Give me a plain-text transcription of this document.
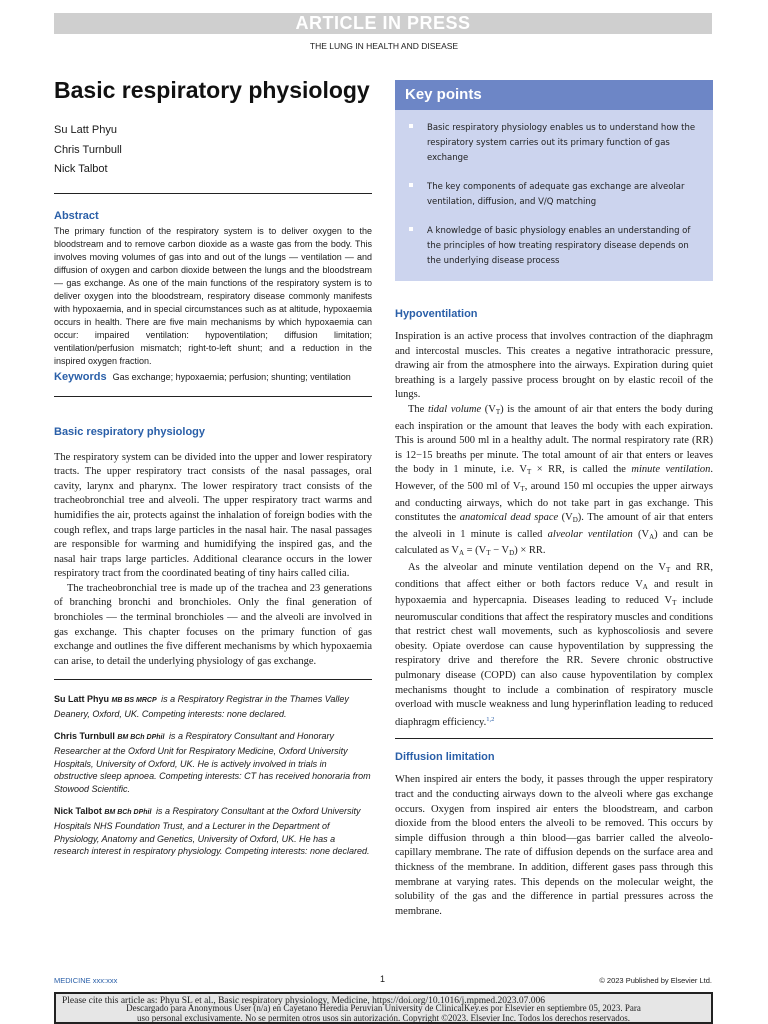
ARTICLE IN PRESS
THE LUNG IN HEALTH AND DISEASE
Basic respiratory physiology
Su Latt Phyu
Chris Turnbull
Nick Talbot
Abstract

The primary function of the respiratory system is to deliver oxygen to the bloodstream and to remove carbon dioxide as a waste gas from the body. This involves moving volumes of gas into and out of the lungs — ventilation — and diffusion of oxygen and carbon dioxide between the lungs and the bloodstream — gas exchange. As one of the main functions of the respiratory system is to deliver oxygen into the bloodstream, respiratory disease commonly manifests with hypoxaemia, and in special circumstances such as at altitude, hypoxaemia occurs in health. There are five main mechanisms by which hypoxaemia can occur: impaired ventilation: hypoventilation; diffusion limitation; ventilation/perfusion mismatch; right-to-left shunt; and a reduction in the inspired oxygen fraction.

Keywords Gas exchange; hypoxaemia; perfusion; shunting; ventilation
Basic respiratory physiology

The respiratory system can be divided into the upper and lower respiratory tracts. The upper respiratory tract consists of the nasal passages, oral cavity, larynx and pharynx. The lower respiratory tract consists of the tracheobronchial tree and alveoli. The upper respiratory tract warms and humidifies the air, protects against the inhalation of foreign bodies with the cough reflex, and traps large particles in the nasal hair. The nasal passages are responsible for warming and humidifying the inspired gas, and the nasal hair traps large particles. Additional clearance occurs in the lower respiratory tract from the coordinated beating of tiny hairs called cilia.

The tracheobronchial tree is made up of the trachea and 23 generations of branching bronchi and bronchioles. Only the final generation of bronchioles — the terminal bronchioles — and the alveoli are involved in gas exchange. This chapter focuses on the primary function of gas exchange and outlines the five different mechanisms by which hypoxaemia can arise, to detail the underlying physiology of gas exchange.

Su Latt Phyu MB BS MRCP is a Respiratory Registrar in the Thames Valley Deanery, Oxford, UK. Competing interests: none declared.

Chris Turnbull BM BCh DPhil is a Respiratory Consultant and Honorary Researcher at the Oxford Unit for Respiratory Medicine, Oxford University Hospitals, University of Oxford, UK. He is actively involved in trials in obstructive sleep apnoea. Competing interests: CT has received honoraria from Stowood Scientific.

Nick Talbot BM BCh DPhil is a Respiratory Consultant at the Oxford University Hospitals NHS Foundation Trust, and a Lecturer in the Department of Physiology, Anatomy and Genetics, University of Oxford, UK. He has a research interest in respiratory physiology. Competing interests: none declared.

Key points
Basic respiratory physiology enables us to understand how the respiratory system carries out its primary function of gas exchange
The key components of adequate gas exchange are alveolar ventilation, diffusion, and V/Q matching
A knowledge of basic physiology enables an understanding of the principles of how treating respiratory disease depends on the underlying disease process
Hypoventilation

Inspiration is an active process that involves contraction of the diaphragm and intercostal muscles. This creates a negative intrathoracic pressure, drawing air from the atmosphere into the airways. Expiration during quiet breathing is a largely passive process brought on by elastic recoil of the lungs.

The tidal volume $(V_T)$ is the amount of air that enters the body during each inspiration or the amount that leaves the body with each expiration. This is around 500 ml in a healthy adult. The normal respiratory rate (RR) is 12−15 breaths per minute. The total amount of air that enters or leaves the body in 1 minute, i.e. $V_T$ × RR, is called the minute ventilation. However, of the 500 ml of $V_T$, around 150 ml occupies the upper airways and conducting airways, which do not take part in gas exchange. This constitutes the anatomical dead space $(V_D)$. The amount of air that enters the alveoli in 1 minute is called alveolar ventilation $(V_A)$ and can be calculated as $V_A = (V_T - V_D)$ × RR.

As the alveolar and minute ventilation depend on the $V_T$ and RR, conditions that affect either or both factors reduce $V_A$ and result in hypoxaemia and hypercapnia. Diseases leading to reduced $V_T$ include neuromuscular conditions that affect the respiratory muscles and conditions that restrict chest wall movements, such as kyphoscoliosis and severe obesity. Opiate overdose can cause hypoventilation by suppressing the respiratory drive and therefore the RR. Severe chronic obstructive pulmonary disease (COPD) can also cause hypoventilation by complex mechanisms thought to include a combination of respiratory muscle overload with muscle weakness and lung hyperinflation leading to reduced diaphragm efficiency.$^{1,2}$

Diffusion limitation

When inspired air enters the body, it passes through the upper respiratory tract and the conducting airways down to the alveoli where gas exchange occurs. Oxygen from inspired air enters the bloodstream, and carbon dioxide from the blood enters the alveoli to be removed. This occurs by simple diffusion through a thin blood—gas barrier called the alveolo-capillary membrane. The rate of diffusion depends on the surface area and thickness of the membrane. In addition, different gases pass through this membrane at varying rates. This depends on the molecular weight, the solubility of the gas and the difference in partial pressures across the membrane.

MEDICINE xxx:xxx	1	© 2023 Published by Elsevier Ltd.
Please cite this article as: Phyu SL et al., Basic respiratory physiology, Medicine, https://doi.org/10.1016/j.mpmed.2023.07.006
Descargado para Anonymous User (n/a) en Cayetano Heredia Peruvian University de ClinicalKey.es por Elsevier en septiembre 05, 2023. Para
uso personal exclusivamente. No se permiten otros usos sin autorización. Copyright ©2023. Elsevier Inc. Todos los derechos reservados.
